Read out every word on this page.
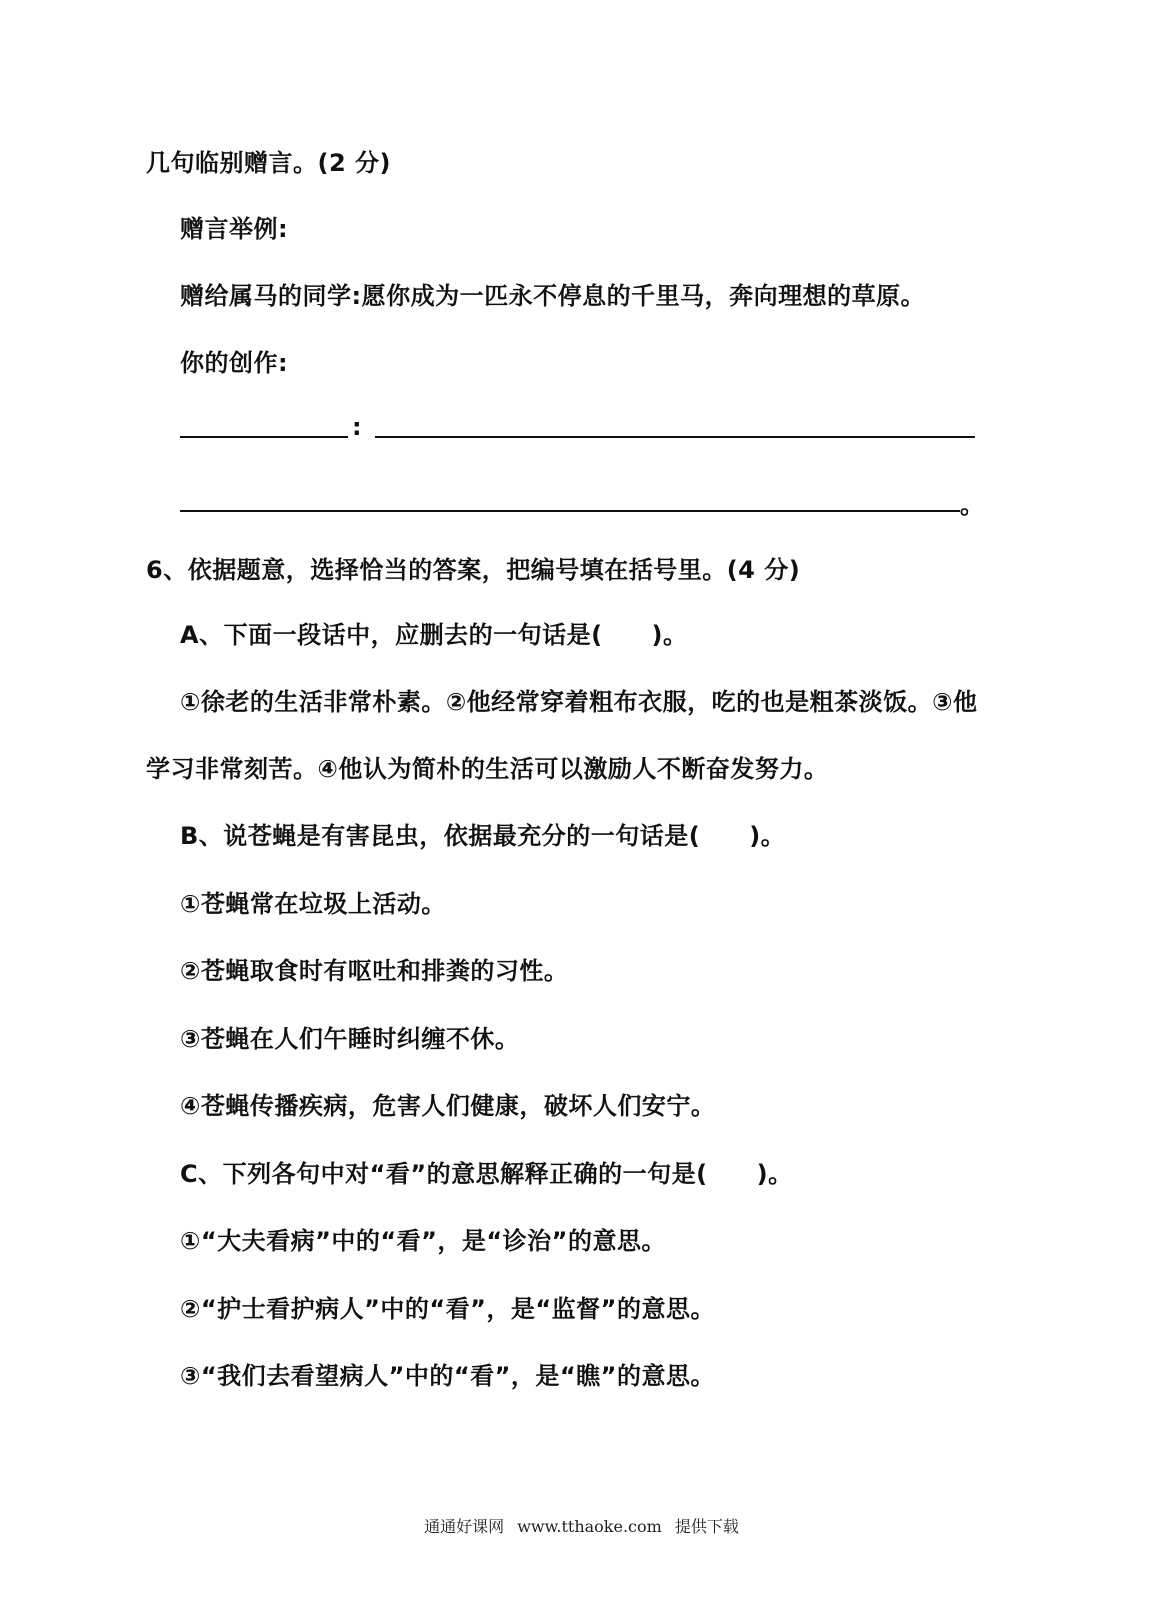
几句临别赠言。(2 分)
赠言举例:
赠给属马的同学:愿你成为一匹永不停息的千里马，奔向理想的草原。
你的创作:
:
。
6、依据题意，选择恰当的答案，把编号填在括号里。(4 分)
A、下面一段话中，应删去的一句话是(　　)。
①徐老的生活非常朴素。②他经常穿着粗布衣服，吃的也是粗茶淡饭。③他
学习非常刻苦。④他认为简朴的生活可以激励人不断奋发努力。
B、说苍蝇是有害昆虫，依据最充分的一句话是(　　)。
①苍蝇常在垃圾上活动。
②苍蝇取食时有呕吐和排粪的习性。
③苍蝇在人们午睡时纠缠不休。
④苍蝇传播疾病，危害人们健康，破坏人们安宁。
C、下列各句中对“看”的意思解释正确的一句是(　　)。
①“大夫看病”中的“看”，是“诊治”的意思。
②“护士看护病人”中的“看”，是“监督”的意思。
③“我们去看望病人”中的“看”，是“瞧”的意思。
通通好课网 www.tthaoke.com 提供下载
